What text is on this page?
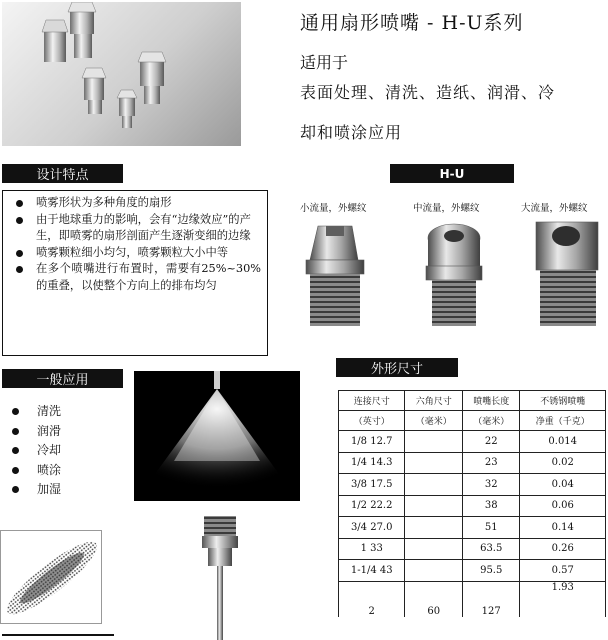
通用扇形喷嘴 - H-U系列
适用于
表面处理、清洗、造纸、润滑、冷
却和喷涂应用
设计特点
喷雾形状为多种角度的扇形
由于地球重力的影响，会有“边缘效应”的产生，即喷雾的扇形剖面产生逐渐变细的边缘
喷雾颗粒细小均匀，喷雾颗粒大小中等
在多个喷嘴进行布置时，需要有25%~30%的重叠，以使整个方向上的排布均匀
H-U
小流量，外螺纹	中流量，外螺纹	大流量，外螺纹
一般应用
清洗
润滑
冷却
喷涂
加湿
外形尺寸
连接尺寸	六角尺寸	喷嘴长度	不锈钢喷嘴

（英寸）	（毫米）	（毫米）	净重（千克）

1/8 12.7		22	0.014
1/4 14.3		23	0.02
3/8 17.5		32	0.04
1/2 22.2		38	0.06
3/4 27.0		51	0.14
1 33		63.5	0.26
1-1/4 43		95.5	0.57
2	60	127	1.93
